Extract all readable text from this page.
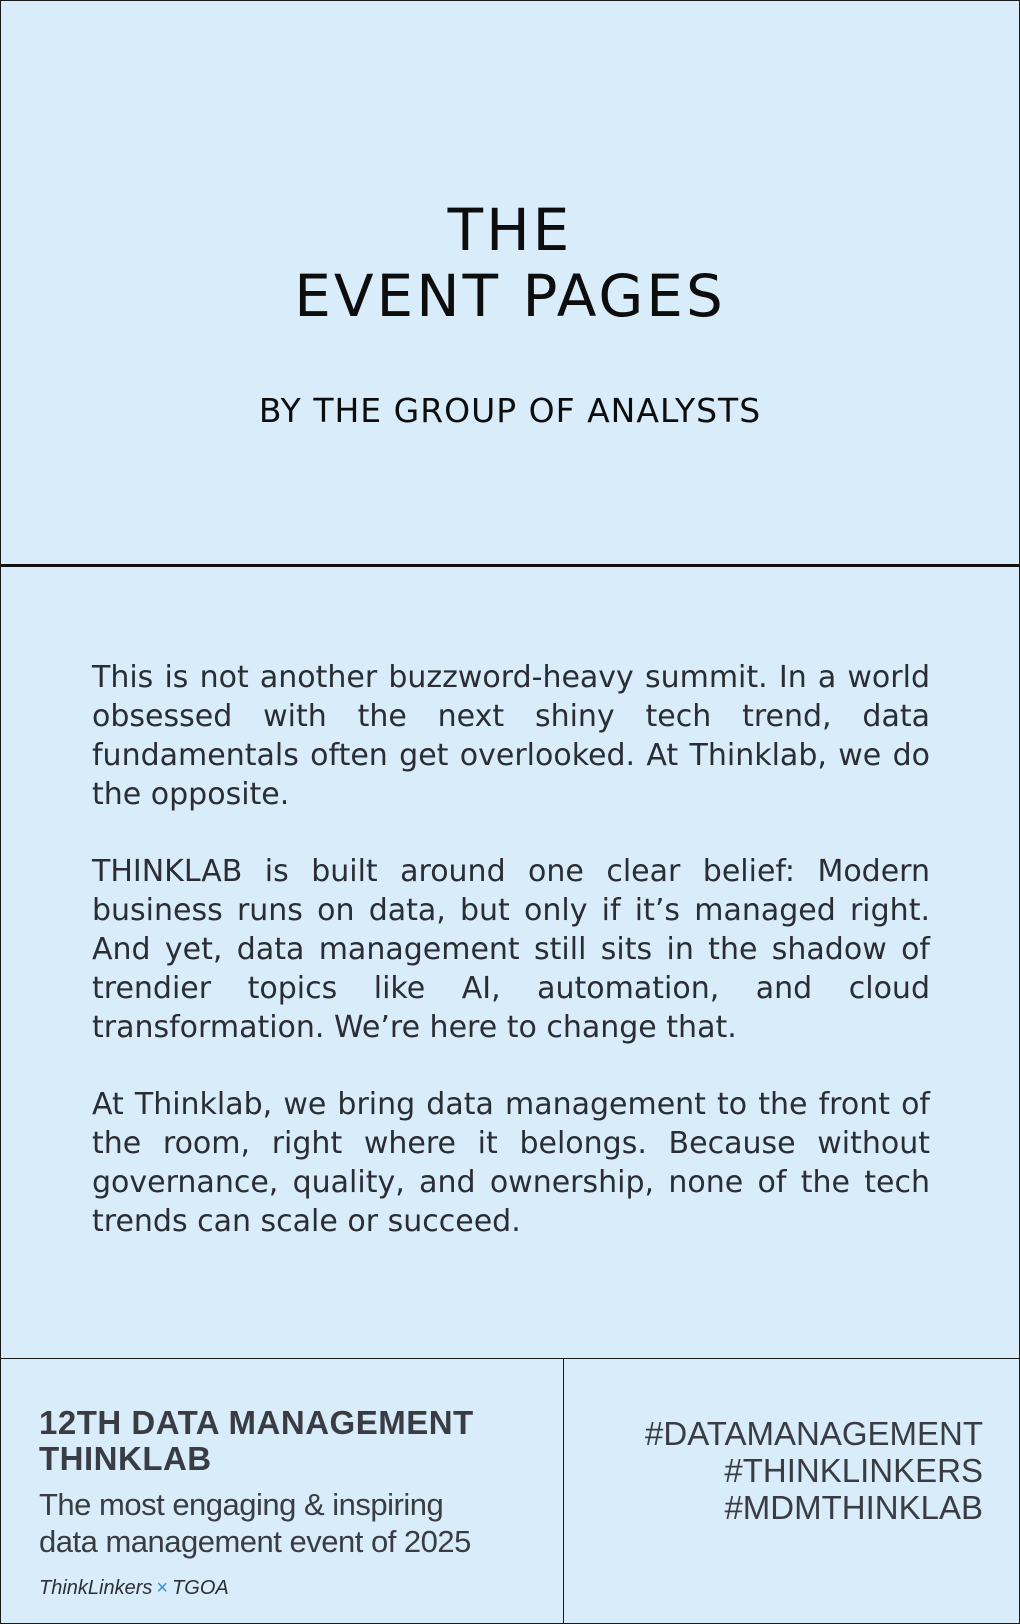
THE
EVENT PAGES

BY THE GROUP OF ANALYSTS

This is not another buzzword-heavy summit. In a world obsessed with the next shiny tech trend, data fundamentals often get overlooked. At Thinklab, we do the opposite.

THINKLAB is built around one clear belief: Modern business runs on data, but only if it’s managed right. And yet, data management still sits in the shadow of trendier topics like AI, automation, and cloud transformation. We’re here to change that.

At Thinklab, we bring data management to the front of the room, right where it belongs. Because without governance, quality, and ownership, none of the tech trends can scale or succeed.

12TH DATA MANAGEMENT THINKLAB

The most engaging & inspiring
data management event of 2025

ThinkLinkers × TGOA
#DATAMANAGEMENT
#THINKLINKERS
#MDMTHINKLAB
